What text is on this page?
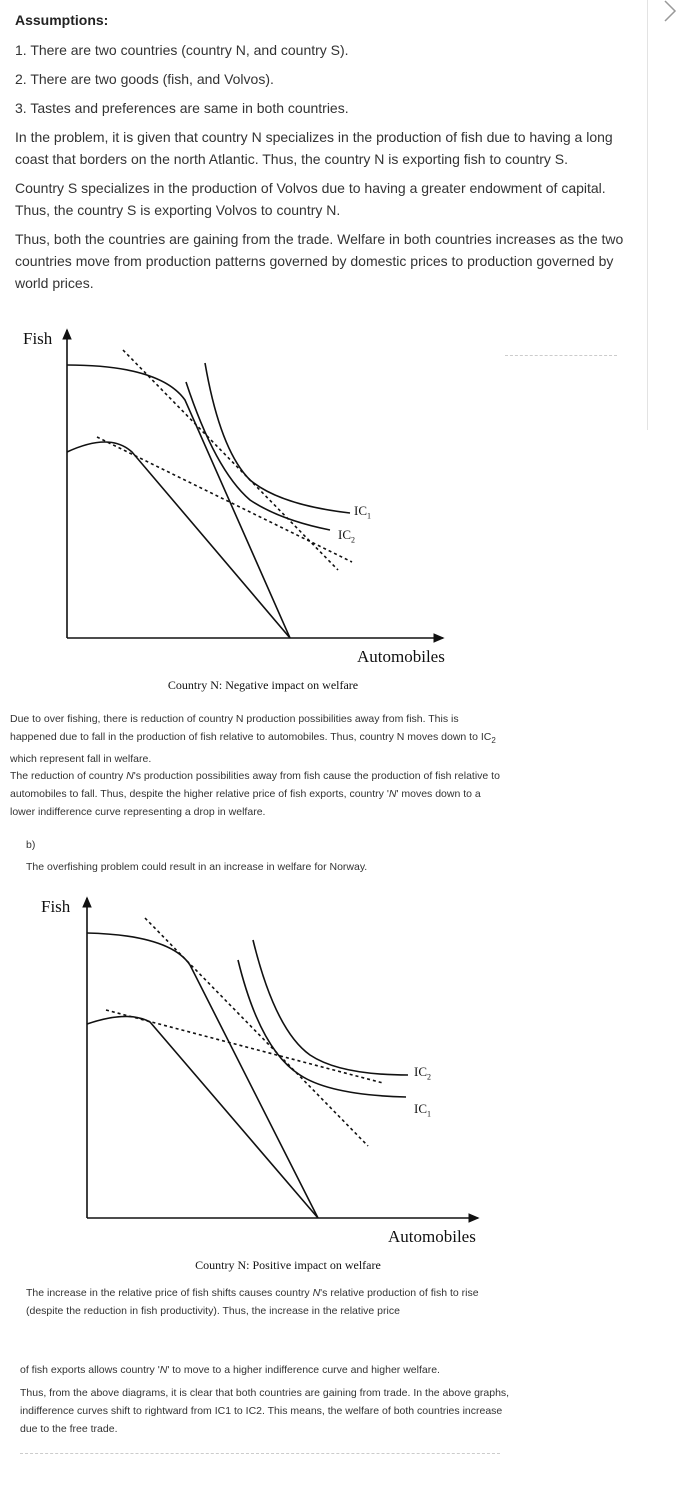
Assumptions:
1. There are two countries (country N, and country S).
2. There are two goods (fish, and Volvos).
3. Tastes and preferences are same in both countries.
In the problem, it is given that country N specializes in the production of fish due to having a long coast that borders on the north Atlantic. Thus, the country N is exporting fish to country S.
Country S specializes in the production of Volvos due to having a greater endowment of capital. Thus, the country S is exporting Volvos to country N.
Thus, both the countries are gaining from the trade. Welfare in both countries increases as the two countries move from production patterns governed by domestic prices to production governed by world prices.
Fish
Automobiles
$IC_1$
$IC_2$
Country N: Negative impact on welfare
Due to over fishing, there is reduction of country N production possibilities away from fish. This is happened due to fall in the production of fish relative to automobiles. Thus, country N moves down to $IC_2$ which represent fall in welfare.
The reduction of country N's production possibilities away from fish cause the production of fish relative to automobiles to fall. Thus, despite the higher relative price of fish exports, country 'N' moves down to a lower indifference curve representing a drop in welfare.
b)
The overfishing problem could result in an increase in welfare for Norway.
Fish
Automobiles
$IC_2$
$IC_1$
Country N: Positive impact on welfare
The increase in the relative price of fish shifts causes country N's relative production of fish to rise (despite the reduction in fish productivity). Thus, the increase in the relative price
of fish exports allows country 'N' to move to a higher indifference curve and higher welfare.
Thus, from the above diagrams, it is clear that both countries are gaining from trade. In the above graphs, indifference curves shift to rightward from IC1 to IC2. This means, the welfare of both countries increase due to the free trade.
